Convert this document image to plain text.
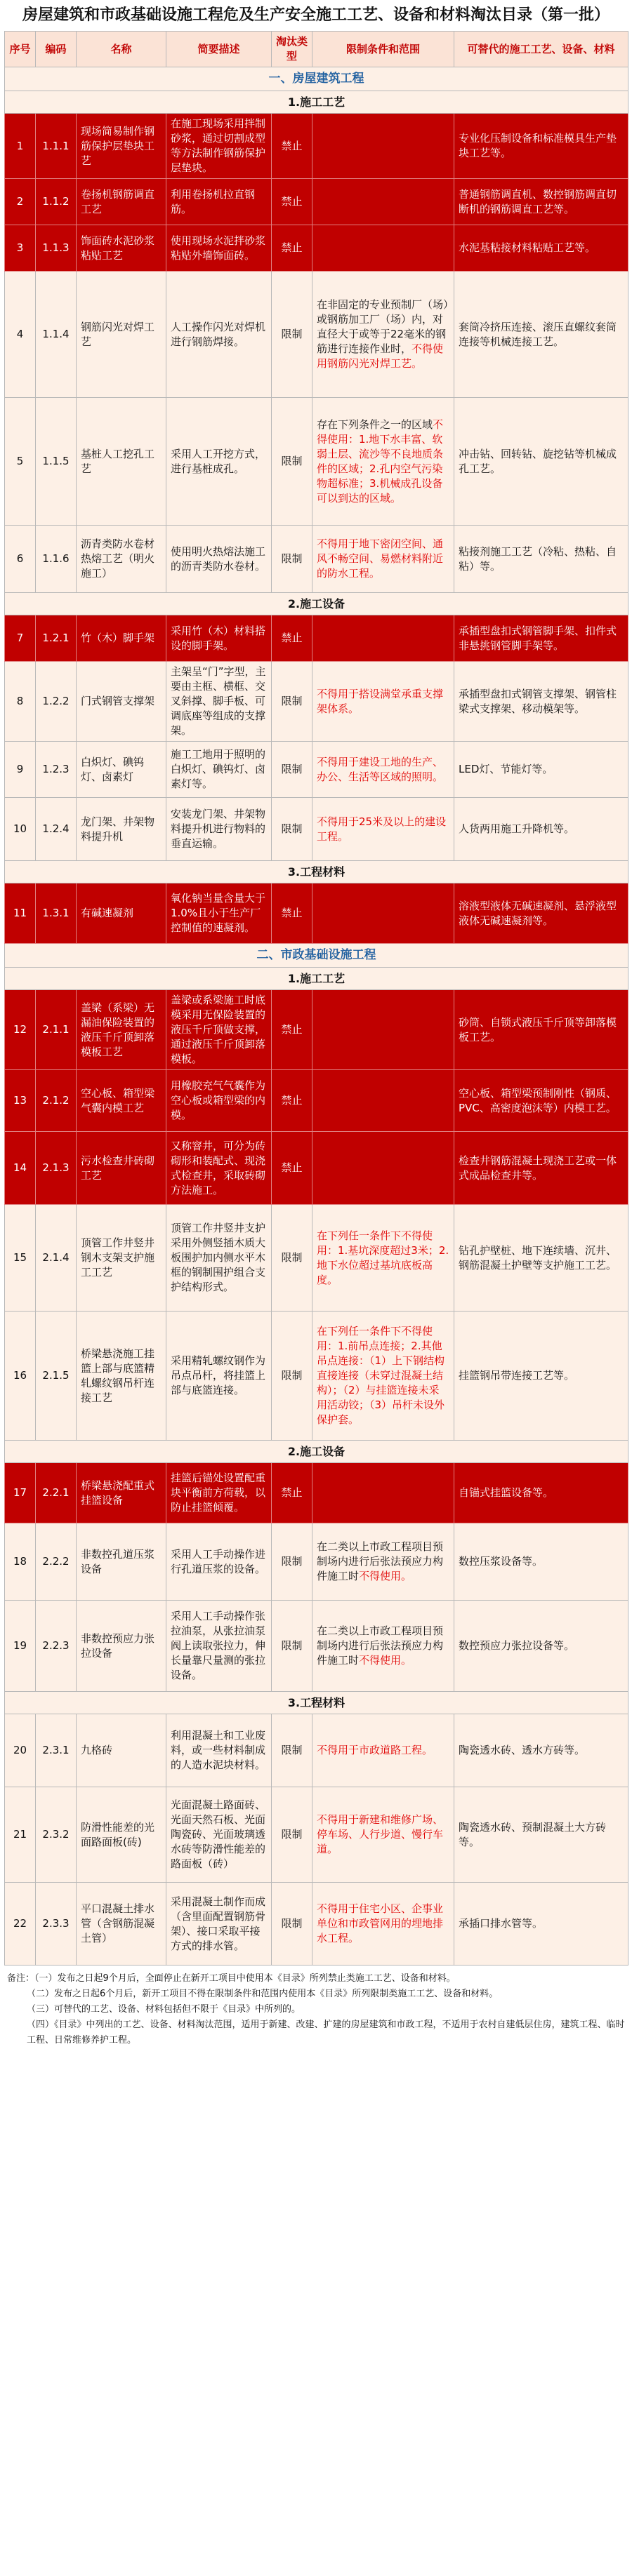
房屋建筑和市政基础设施工程危及生产安全施工工艺、设备和材料淘汰目录（第一批）
序号	编码	名称	简要描述	淘汰类型	限制条件和范围	可替代的施工工艺、设备、材料
一、房屋建筑工程						
1.施工工艺						
1	1.1.1	现场简易制作钢筋保护层垫块工艺	在施工现场采用拌制砂浆，通过切割成型等方法制作钢筋保护层垫块。	禁止		专业化压制设备和标准模具生产垫块工艺等。
2	1.1.2	卷扬机钢筋调直工艺	利用卷扬机拉直钢筋。	禁止		普通钢筋调直机、数控钢筋调直切断机的钢筋调直工艺等。
3	1.1.3	饰面砖水泥砂浆粘贴工艺	使用现场水泥拌砂浆粘贴外墙饰面砖。	禁止		水泥基粘接材料粘贴工艺等。
4	1.1.4	钢筋闪光对焊工艺	人工操作闪光对焊机进行钢筋焊接。	限制	在非固定的专业预制厂（场）或钢筋加工厂（场）内，对直径大于或等于22毫米的钢筋进行连接作业时，不得使用钢筋闪光对焊工艺。	套筒冷挤压连接、滚压直螺纹套筒连接等机械连接工艺。
5	1.1.5	基桩人工挖孔工艺	采用人工开挖方式，进行基桩成孔。	限制	存在下列条件之一的区域不得使用：1.地下水丰富、软弱土层、流沙等不良地质条件的区域；2.孔内空气污染物超标准；3.机械成孔设备可以到达的区域。	冲击钻、回转钻、旋挖钻等机械成孔工艺。
6	1.1.6	沥青类防水卷材热熔工艺（明火施工）	使用明火热熔法施工的沥青类防水卷材。	限制	不得用于地下密闭空间、通风不畅空间、易燃材料附近的防水工程。	粘接剂施工工艺（冷粘、热粘、自粘）等。
2.施工设备						
7	1.2.1	竹（木）脚手架	采用竹（木）材料搭设的脚手架。	禁止		承插型盘扣式钢管脚手架、扣件式非悬挑钢管脚手架等。
8	1.2.2	门式钢管支撑架	主架呈“门”字型，主要由主框、横框、交叉斜撑、脚手板、可调底座等组成的支撑架。	限制	不得用于搭设满堂承重支撑架体系。	承插型盘扣式钢管支撑架、钢管柱梁式支撑架、移动模架等。
9	1.2.3	白炽灯、碘钨灯、卤素灯	施工工地用于照明的白炽灯、碘钨灯、卤素灯等。	限制	不得用于建设工地的生产、办公、生活等区域的照明。	LED灯、节能灯等。
10	1.2.4	龙门架、井架物料提升机	安装龙门架、井架物料提升机进行物料的垂直运输。	限制	不得用于25米及以上的建设工程。	人货两用施工升降机等。
3.工程材料						
11	1.3.1	有碱速凝剂	氧化钠当量含量大于1.0%且小于生产厂控制值的速凝剂。	禁止		溶液型液体无碱速凝剂、悬浮液型液体无碱速凝剂等。
二、市政基础设施工程						
1.施工工艺						
12	2.1.1	盖梁（系梁）无漏油保险装置的液压千斤顶卸落模板工艺	盖梁或系梁施工时底模采用无保险装置的液压千斤顶做支撑，通过液压千斤顶卸落模板。	禁止		砂筒、自锁式液压千斤顶等卸落模板工艺。
13	2.1.2	空心板、箱型梁气囊内模工艺	用橡胶充气气囊作为空心板或箱型梁的内模。	禁止		空心板、箱型梁预制刚性（钢质、PVC、高密度泡沫等）内模工艺。
14	2.1.3	污水检查井砖砌工艺	又称窨井，可分为砖砌形和装配式、现浇式检查井，采取砖砌方法施工。	禁止		检查井钢筋混凝土现浇工艺或一体式成品检查井等。
15	2.1.4	顶管工作井竖井钢木支架支护施工工艺	顶管工作井竖井支护采用外侧竖插木质大板围护加内侧水平木框的钢制围护组合支护结构形式。	限制	在下列任一条件下不得使用：1.基坑深度超过3米；2.地下水位超过基坑底板高度。	钻孔护壁桩、地下连续墙、沉井、钢筋混凝土护壁等支护施工工艺。
16	2.1.5	桥梁悬浇施工挂篮上部与底篮精轧螺纹钢吊杆连接工艺	采用精轧螺纹钢作为吊点吊杆，将挂篮上部与底篮连接。	限制	在下列任一条件下不得使用：1.前吊点连接；2.其他吊点连接：（1）上下钢结构直接连接（未穿过混凝土结构）；（2）与挂篮连接未采用活动铰；（3）吊杆未设外保护套。	挂篮钢吊带连接工艺等。
2.施工设备						
17	2.2.1	桥梁悬浇配重式挂篮设备	挂篮后锚处设置配重块平衡前方荷载，以防止挂篮倾覆。	禁止		自锚式挂篮设备等。
18	2.2.2	非数控孔道压浆设备	采用人工手动操作进行孔道压浆的设备。	限制	在二类以上市政工程项目预制场内进行后张法预应力构件施工时不得使用。	数控压浆设备等。
19	2.2.3	非数控预应力张拉设备	采用人工手动操作张拉油泵，从张拉油泵阀上读取张拉力，伸长量靠尺量测的张拉设备。	限制	在二类以上市政工程项目预制场内进行后张法预应力构件施工时不得使用。	数控预应力张拉设备等。
3.工程材料						
20	2.3.1	九格砖	利用混凝土和工业废料，或一些材料制成的人造水泥块材料。	限制	不得用于市政道路工程。	陶瓷透水砖、透水方砖等。
21	2.3.2	防滑性能差的光面路面板(砖)	光面混凝土路面砖、光面天然石板、光面陶瓷砖、光面玻璃透水砖等防滑性能差的路面板（砖）	限制	不得用于新建和维修广场、停车场、人行步道、慢行车道。	陶瓷透水砖、预制混凝土大方砖等。
22	2.3.3	平口混凝土排水管（含钢筋混凝土管）	采用混凝土制作而成（含里面配置钢筋骨架）、接口采取平接方式的排水管。	限制	不得用于住宅小区、企事业单位和市政管网用的埋地排水工程。	承插口排水管等。
备注：（一）发布之日起9个月后，全面停止在新开工项目中使用本《目录》所列禁止类施工工艺、设备和材料。
（二）发布之日起6个月后，新开工项目不得在限制条件和范围内使用本《目录》所列限制类施工工艺、设备和材料。
（三）可替代的工艺、设备、材料包括但不限于《目录》中所列的。
（四）《目录》中列出的工艺、设备、材料淘汰范围，适用于新建、改建、扩建的房屋建筑和市政工程，不适用于农村自建低层住房，建筑工程、临时工程、日常维修养护工程。
